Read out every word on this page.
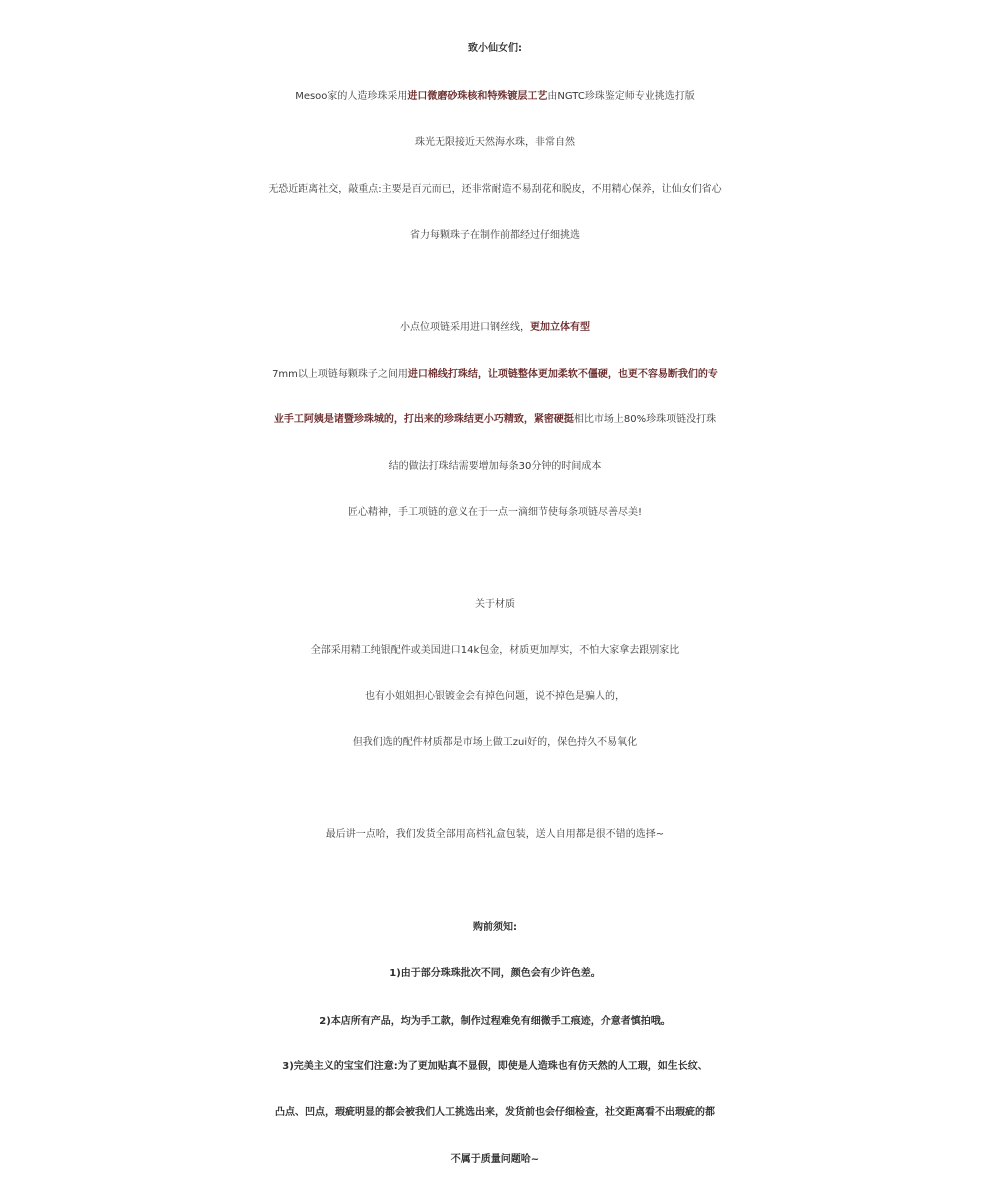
致小仙女们:
Mesoo家的人造珍珠采用进口微磨砂珠核和特殊镀层工艺由NGTC珍珠鉴定师专业挑选打版
珠光无限接近天然海水珠，非常自然
无恐近距离社交，敲重点:主要是百元而已，还非常耐造不易刮花和脱皮，不用精心保养，让仙女们省心
省力每颗珠子在制作前都经过仔细挑选
小点位项链采用进口钢丝线，更加立体有型
7mm以上项链每颗珠子之间用进口棉线打珠结，让项链整体更加柔软不僵硬，也更不容易断我们的专
业手工阿姨是诸暨珍珠城的，打出来的珍珠结更小巧精致，紧密硬挺相比市场上80%珍珠项链没打珠
结的做法打珠结需要增加每条30分钟的时间成本
匠心精神，手工项链的意义在于一点一滴细节使每条项链尽善尽美!
关于材质
全部采用精工纯银配件或美国进口14k包金，材质更加厚实，不怕大家拿去跟别家比
也有小姐姐担心银镀金会有掉色问题，说不掉色是骗人的，
但我们选的配件材质都是市场上做工zui好的，保色持久不易氧化
最后讲一点哈，我们发货全部用高档礼盒包装，送人自用都是很不错的选择~
购前须知:
1)由于部分珠珠批次不同，颜色会有少许色差。
2)本店所有产品，均为手工款，制作过程难免有细微手工痕迹，介意者慎拍哦。
3)完美主义的宝宝们注意:为了更加贴真不显假，即使是人造珠也有仿天然的人工瑕，如生长纹、
凸点、凹点，瑕疵明显的都会被我们人工挑选出来，发货前也会仔细检查，社交距离看不出瑕疵的都
不属于质量问题哈~
